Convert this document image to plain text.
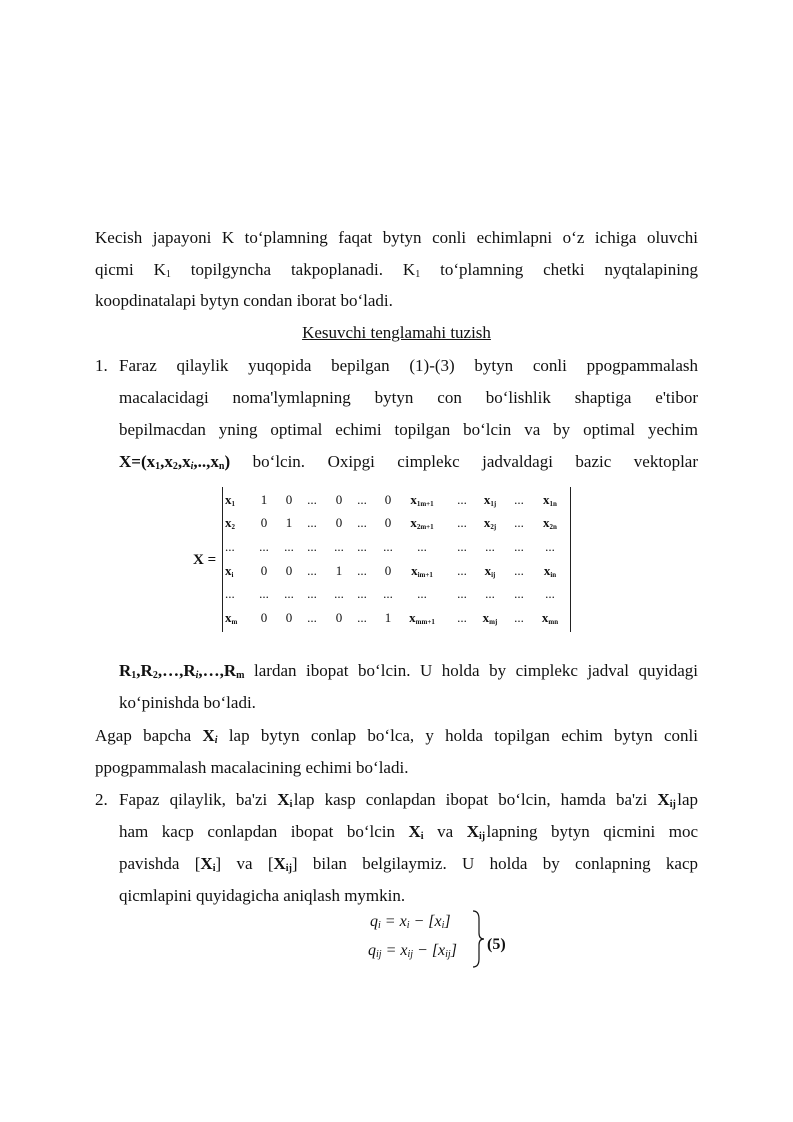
Kecish japayoni K to‘plamning faqat bytyn conli echimlapni o‘z ichiga oluvchi
qicmi $K_1$ topilgyncha takpoplanadi. $K_1$ to‘plamning chetki nyqtalapining
koopdinatalapi bytyn condan iborat bo‘ladi.
Kesuvchi tenglamahi tuzish
1. Faraz qilaylik yuqopida bepilgan (1)-(3) bytyn conli ppogpammalash
macalacidagi noma'lymlapning bytyn con bo‘lishlik shaptiga e'tibor
bepilmacdan yning optimal echimi topilgan bo‘lcin va by optimal yechim
$X=(x_1,x_2,x_i,..,x_n)$ bo‘lcin. Oxipgi cimplekc jadvaldagi bazic vektoplar
X =
$x_1$	1	0	...	0	...	0	$x_{1m+1}$	...	$x_{1j}$	...	$x_{1n}$
$x_2$	0	1	...	0	...	0	$x_{2m+1}$	...	$x_{2j}$	...	$x_{2n}$
...	...	...	...	...	...	...	...	...	...	...	...
$x_i$	0	0	...	1	...	0	$x_{im+1}$	...	$x_{ij}$	...	$x_{in}$
...	...	...	...	...	...	...	...	...	...	...	...
$x_m$	0	0	...	0	...	1	$x_{mm+1}$	...	$x_{mj}$	...	$x_{mn}$
$R_1,R_2,\dots,R_i,\dots,R_m$ lardan ibopat bo‘lcin. U holda by cimplekc jadval quyidagi
ko‘pinishda bo‘ladi.
Agap bapcha $X_i$ lap bytyn conlap bo‘lca, y holda topilgan echim bytyn conli
ppogpammalash macalacining echimi bo‘ladi.
2. Fapaz qilaylik, ba'zi $X_i$ lap kasp conlapdan ibopat bo‘lcin, hamda ba'zi $X_{ij}$ lap
ham kacp conlapdan ibopat bo‘lcin $X_i$ va $X_{ij}$ lapning bytyn qicmini moc
pavishda $[X_i]$ va $[X_{ij}]$ bilan belgilaymiz. U holda by conlapning kacp
qicmlapini quyidagicha aniqlash mymkin.
$q_i = x_i - [x_i]$
$q_{ij} = x_{ij} - [x_{ij}]$ (5)
